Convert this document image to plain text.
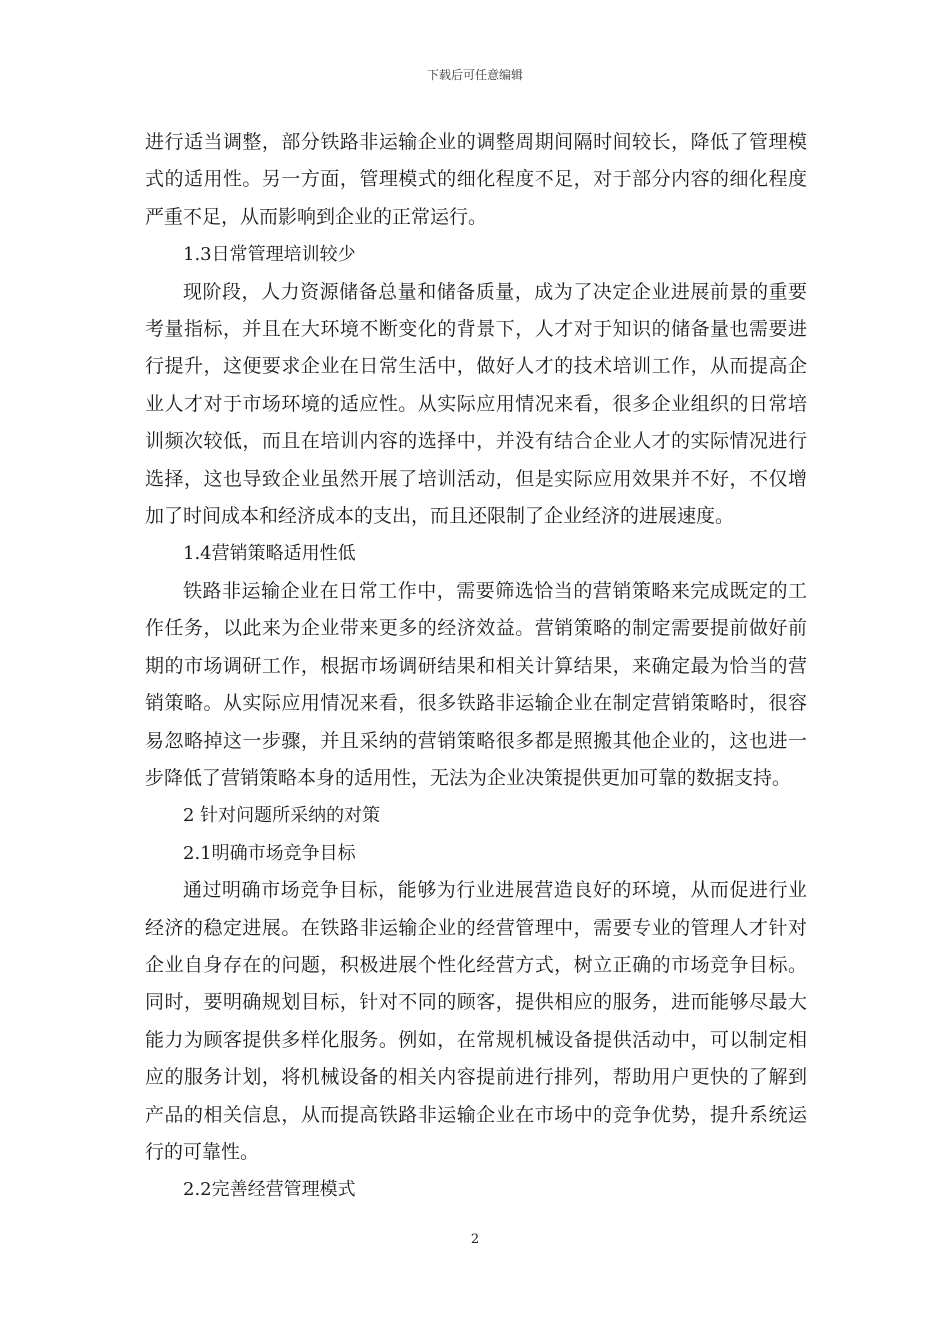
下载后可任意编辑

进行适当调整，部分铁路非运输企业的调整周期间隔时间较长，降低了管理模式的适用性。另一方面，管理模式的细化程度不足，对于部分内容的细化程度严重不足，从而影响到企业的正常运行。

1.3日常管理培训较少

现阶段，人力资源储备总量和储备质量，成为了决定企业进展前景的重要考量指标，并且在大环境不断变化的背景下，人才对于知识的储备量也需要进行提升，这便要求企业在日常生活中，做好人才的技术培训工作，从而提高企业人才对于市场环境的适应性。从实际应用情况来看，很多企业组织的日常培训频次较低，而且在培训内容的选择中，并没有结合企业人才的实际情况进行选择，这也导致企业虽然开展了培训活动，但是实际应用效果并不好，不仅增加了时间成本和经济成本的支出，而且还限制了企业经济的进展速度。

1.4营销策略适用性低

铁路非运输企业在日常工作中，需要筛选恰当的营销策略来完成既定的工作任务，以此来为企业带来更多的经济效益。营销策略的制定需要提前做好前期的市场调研工作，根据市场调研结果和相关计算结果，来确定最为恰当的营销策略。从实际应用情况来看，很多铁路非运输企业在制定营销策略时，很容易忽略掉这一步骤，并且采纳的营销策略很多都是照搬其他企业的，这也进一步降低了营销策略本身的适用性，无法为企业决策提供更加可靠的数据支持。

2 针对问题所采纳的对策

2.1明确市场竞争目标

通过明确市场竞争目标，能够为行业进展营造良好的环境，从而促进行业经济的稳定进展。在铁路非运输企业的经营管理中，需要专业的管理人才针对企业自身存在的问题，积极进展个性化经营方式，树立正确的市场竞争目标。同时，要明确规划目标，针对不同的顾客，提供相应的服务，进而能够尽最大能力为顾客提供多样化服务。例如，在常规机械设备提供活动中，可以制定相应的服务计划，将机械设备的相关内容提前进行排列，帮助用户更快的了解到产品的相关信息，从而提高铁路非运输企业在市场中的竞争优势，提升系统运行的可靠性。

2.2完善经营管理模式

2
